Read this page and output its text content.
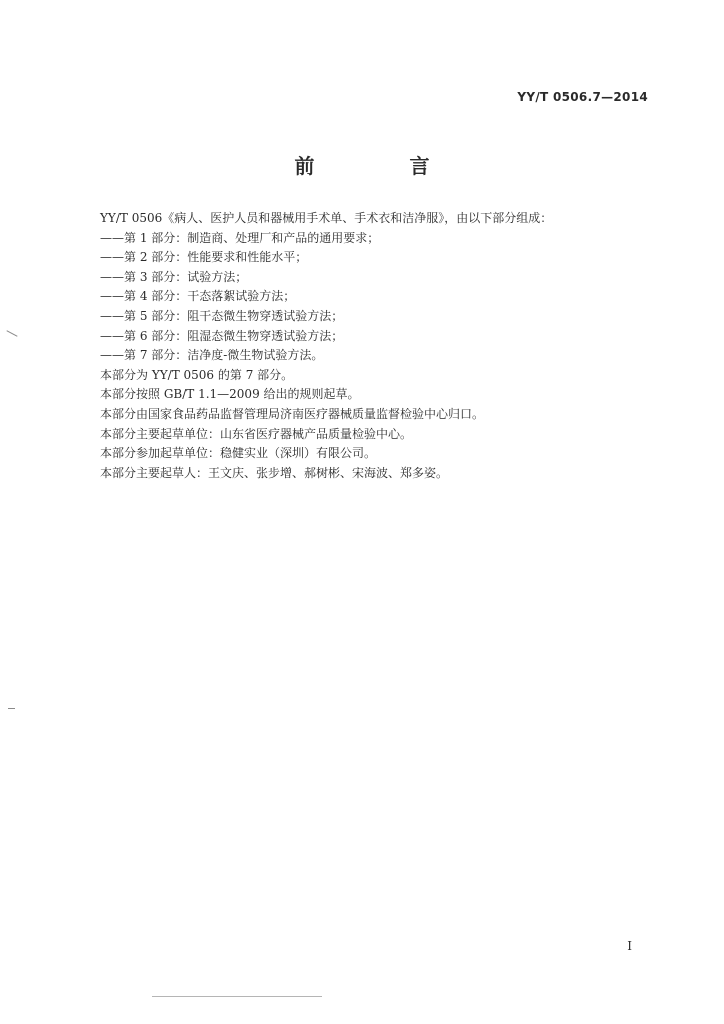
YY/T 0506.7—2014
前 言
YY/T 0506《病人、医护人员和器械用手术单、手术衣和洁净服》，由以下部分组成：
——第 1 部分：制造商、处理厂和产品的通用要求；
——第 2 部分：性能要求和性能水平；
——第 3 部分：试验方法；
——第 4 部分：干态落絮试验方法；
——第 5 部分：阻干态微生物穿透试验方法；
——第 6 部分：阻湿态微生物穿透试验方法；
——第 7 部分：洁净度-微生物试验方法。
本部分为 YY/T 0506 的第 7 部分。
本部分按照 GB/T 1.1—2009 给出的规则起草。
本部分由国家食品药品监督管理局济南医疗器械质量监督检验中心归口。
本部分主要起草单位：山东省医疗器械产品质量检验中心。
本部分参加起草单位：稳健实业（深圳）有限公司。
本部分主要起草人：王文庆、张步增、郝树彬、宋海波、郑多姿。
I
